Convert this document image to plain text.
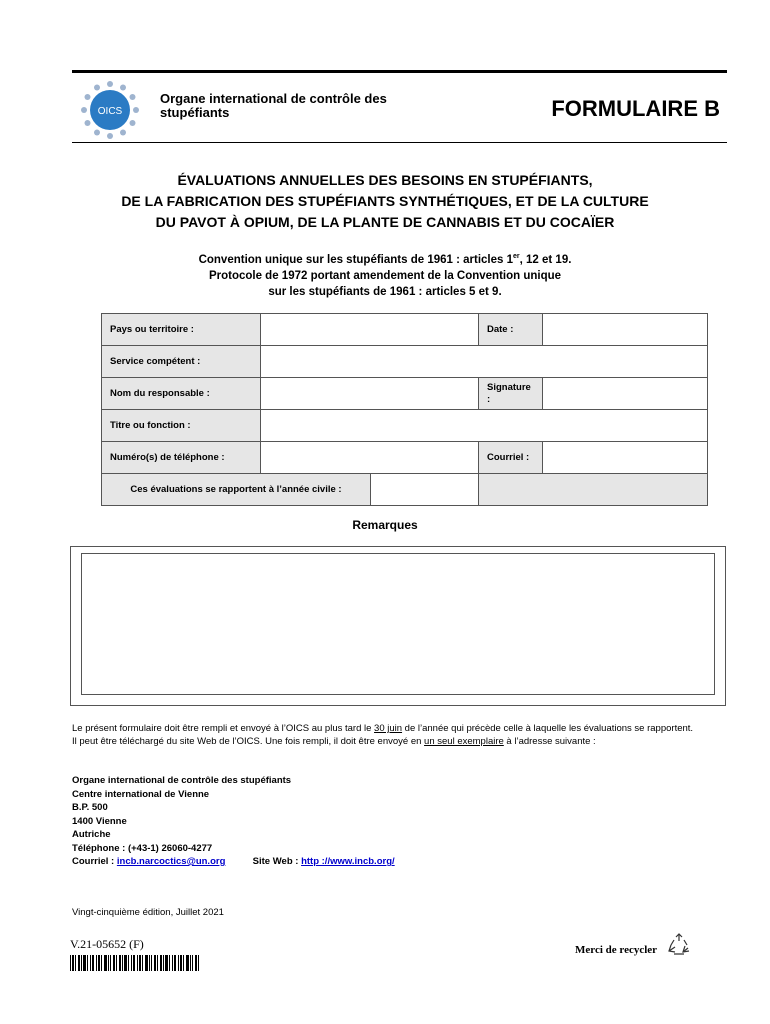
OICS
Organe international de contrôle des stupéfiants	FORMULAIRE B
ÉVALUATIONS ANNUELLES DES BESOINS EN STUPÉFIANTS,
DE LA FABRICATION DES STUPÉFIANTS SYNTHÉTIQUES, ET DE LA CULTURE
DU PAVOT À OPIUM, DE LA PLANTE DE CANNABIS ET DU COCAÏER
Convention unique sur les stupéfiants de 1961 : articles 1er, 12 et 19.
Protocole de 1972 portant amendement de la Convention unique
sur les stupéfiants de 1961 : articles 5 et 9.
Pays ou territoire :			Date :	
Service compétent :				
Nom du responsable :			Signature :	
Titre ou fonction :				
Numéro(s) de téléphone :			Courriel :	
Ces évaluations se rapportent à l’année civile :				
Remarques
Le présent formulaire doit être rempli et envoyé à l’OICS au plus tard le 30 juin de l’année qui précède celle à laquelle les évaluations se rapportent.
Il peut être téléchargé du site Web de l’OICS. Une fois rempli, il doit être envoyé en un seul exemplaire à l’adresse suivante :
Organe international de contrôle des stupéfiants
Centre international de Vienne
B.P. 500
1400 Vienne
Autriche
Téléphone : (+43-1) 26060-4277
Courriel : incb.narcoctics@un.org	Site Web : http ://www.incb.org/
Vingt-cinquième édition, Juillet 2021
V.21-05652 (F)	Merci de recycler
